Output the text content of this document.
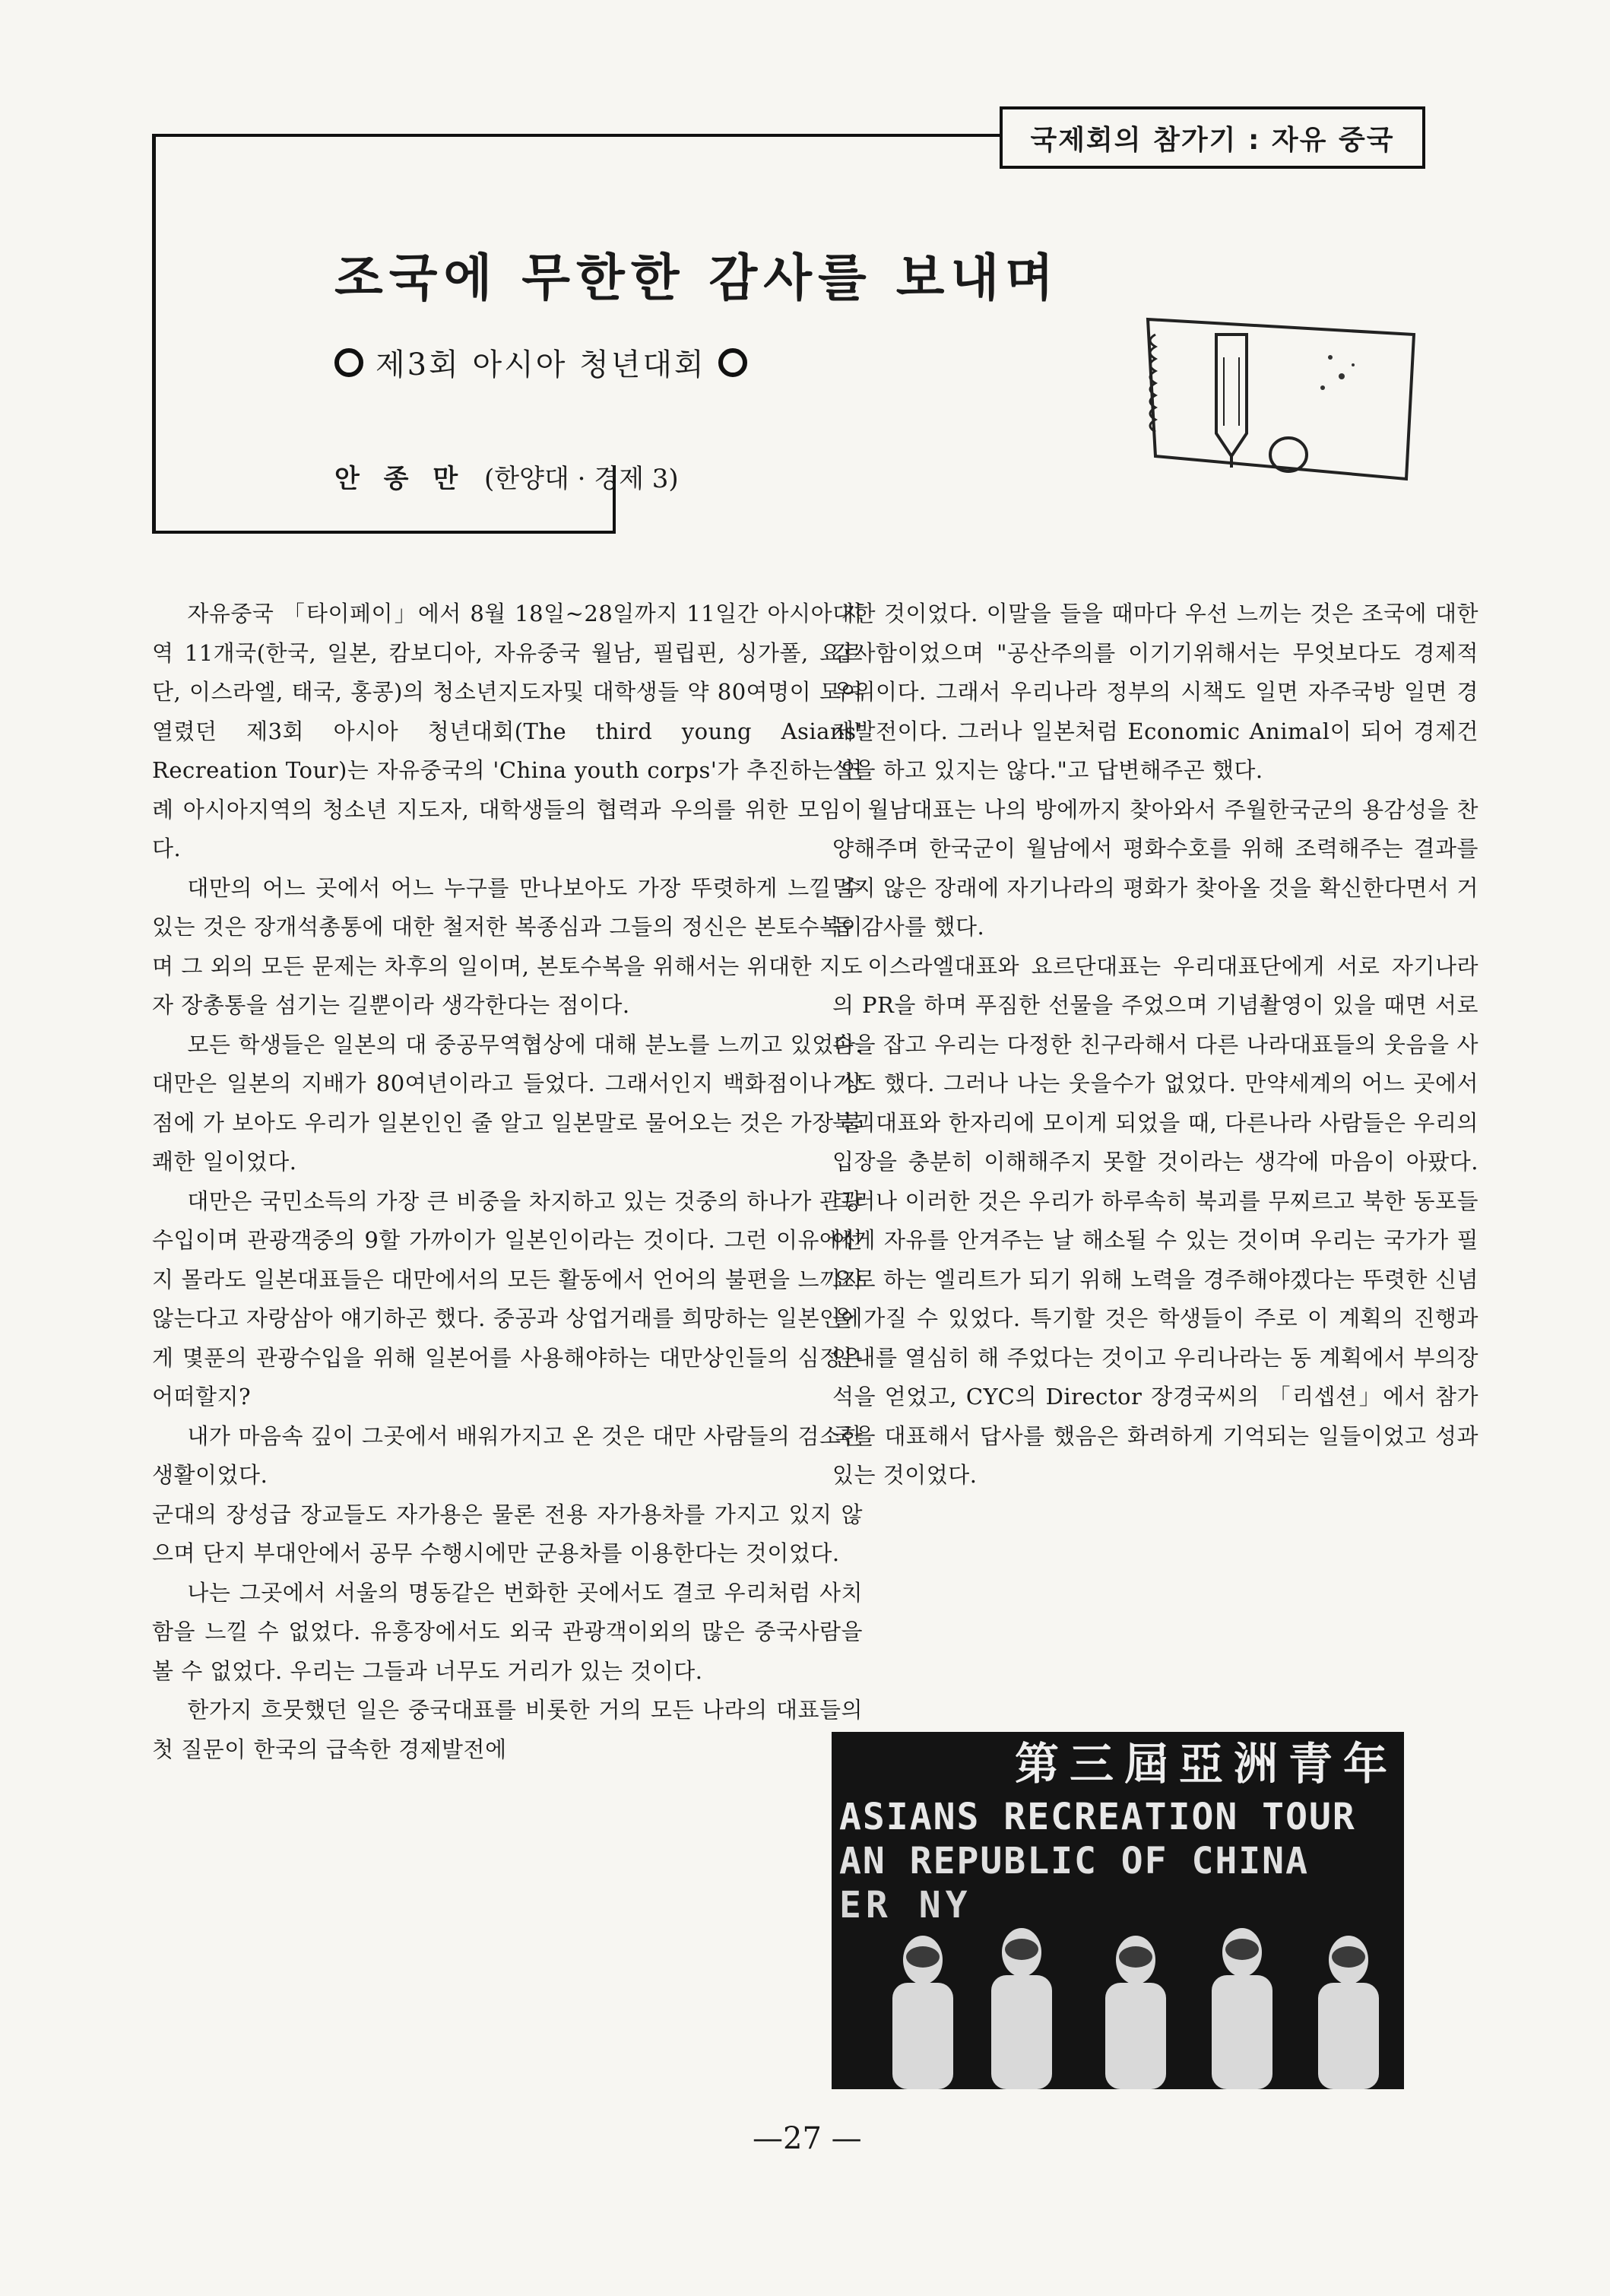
국제회의 참가기 : 자유 중국
조국에 무한한 감사를 보내며
제3회 아시아 청년대회
안 종 만 (한양대 · 경제 3)

자유중국 「타이페이」에서 8월 18일~28일까지 11일간 아시아 지역 11개국(한국, 일본, 캄보디아, 자유중국 월남, 필립핀, 싱가폴, 요르단, 이스라엘, 태국, 홍콩)의 청소년지도자및 대학생들 약 80여명이 모여 열렸던 제3회 아시아 청년대회(The third young Asians' Recreation Tour)는 자유중국의 'China youth corps'가 추진하는 연례 아시아지역의 청소년 지도자, 대학생들의 협력과 우의를 위한 모임이다.

대만의 어느 곳에서 어느 누구를 만나보아도 가장 뚜렷하게 느낄 수 있는 것은 장개석총통에 대한 철저한 복종심과 그들의 정신은 본토수복이며 그 외의 모든 문제는 차후의 일이며, 본토수복을 위해서는 위대한 지도자 장총통을 섬기는 길뿐이라 생각한다는 점이다.

모든 학생들은 일본의 대 중공무역협상에 대해 분노를 느끼고 있었다. 대만은 일본의 지배가 80여년이라고 들었다. 그래서인지 백화점이나 상점에 가 보아도 우리가 일본인인 줄 알고 일본말로 물어오는 것은 가장 불쾌한 일이었다.

대만은 국민소득의 가장 큰 비중을 차지하고 있는 것중의 하나가 관광수입이며 관광객중의 9할 가까이가 일본인이라는 것이다. 그런 이유에선지 몰라도 일본대표들은 대만에서의 모든 활동에서 언어의 불편을 느끼지 않는다고 자랑삼아 얘기하곤 했다. 중공과 상업거래를 희망하는 일본인에게 몇푼의 관광수입을 위해 일본어를 사용해야하는 대만상인들의 심정은 어떠할지?

내가 마음속 깊이 그곳에서 배워가지고 온 것은 대만 사람들의 검소한 생활이었다.

군대의 장성급 장교들도 자가용은 물론 전용 자가용차를 가지고 있지 않으며 단지 부대안에서 공무 수행시에만 군용차를 이용한다는 것이었다.

나는 그곳에서 서울의 명동같은 번화한 곳에서도 결코 우리처럼 사치함을 느낄 수 없었다. 유흥장에서도 외국 관광객이외의 많은 중국사람을 볼 수 없었다. 우리는 그들과 너무도 거리가 있는 것이다.

한가지 흐뭇했던 일은 중국대표를 비롯한 거의 모든 나라의 대표들의 첫 질문이 한국의 급속한 경제발전에

대한 것이었다. 이말을 들을 때마다 우선 느끼는 것은 조국에 대한 감사함이었으며 "공산주의를 이기기위해서는 무엇보다도 경제적 우위이다. 그래서 우리나라 정부의 시책도 일면 자주국방 일면 경제발전이다. 그러나 일본처럼 Economic Animal이 되어 경제건설을 하고 있지는 않다."고 답변해주곤 했다.

월남대표는 나의 방에까지 찾아와서 주월한국군의 용감성을 찬양해주며 한국군이 월남에서 평화수호를 위해 조력해주는 결과를 멀지 않은 장래에 자기나라의 평화가 찾아올 것을 확신한다면서 거듭 감사를 했다.

이스라엘대표와 요르단대표는 우리대표단에게 서로 자기나라의 PR을 하며 푸짐한 선물을 주었으며 기념촬영이 있을 때면 서로 손을 잡고 우리는 다정한 친구라해서 다른 나라대표들의 웃음을 사기도 했다. 그러나 나는 웃을수가 없었다. 만약세계의 어느 곳에서 북괴대표와 한자리에 모이게 되었을 때, 다른나라 사람들은 우리의 입장을 충분히 이해해주지 못할 것이라는 생각에 마음이 아팠다. 그러나 이러한 것은 우리가 하루속히 북괴를 무찌르고 북한 동포들에게 자유를 안겨주는 날 해소될 수 있는 것이며 우리는 국가가 필요로 하는 엘리트가 되기 위해 노력을 경주해야겠다는 뚜렷한 신념을 가질 수 있었다. 특기할 것은 학생들이 주로 이 계획의 진행과 안내를 열심히 해 주었다는 것이고 우리나라는 동 계획에서 부의장석을 얻었고, CYC의 Director 장경국씨의 「리셉션」에서 참가국을 대표해서 답사를 했음은 화려하게 기억되는 일들이었고 성과있는 것이었다.

第三屆亞洲青年
ASIANS RECREATION TOUR
AN REPUBLIC OF CHINA
ER NY
—27 —
